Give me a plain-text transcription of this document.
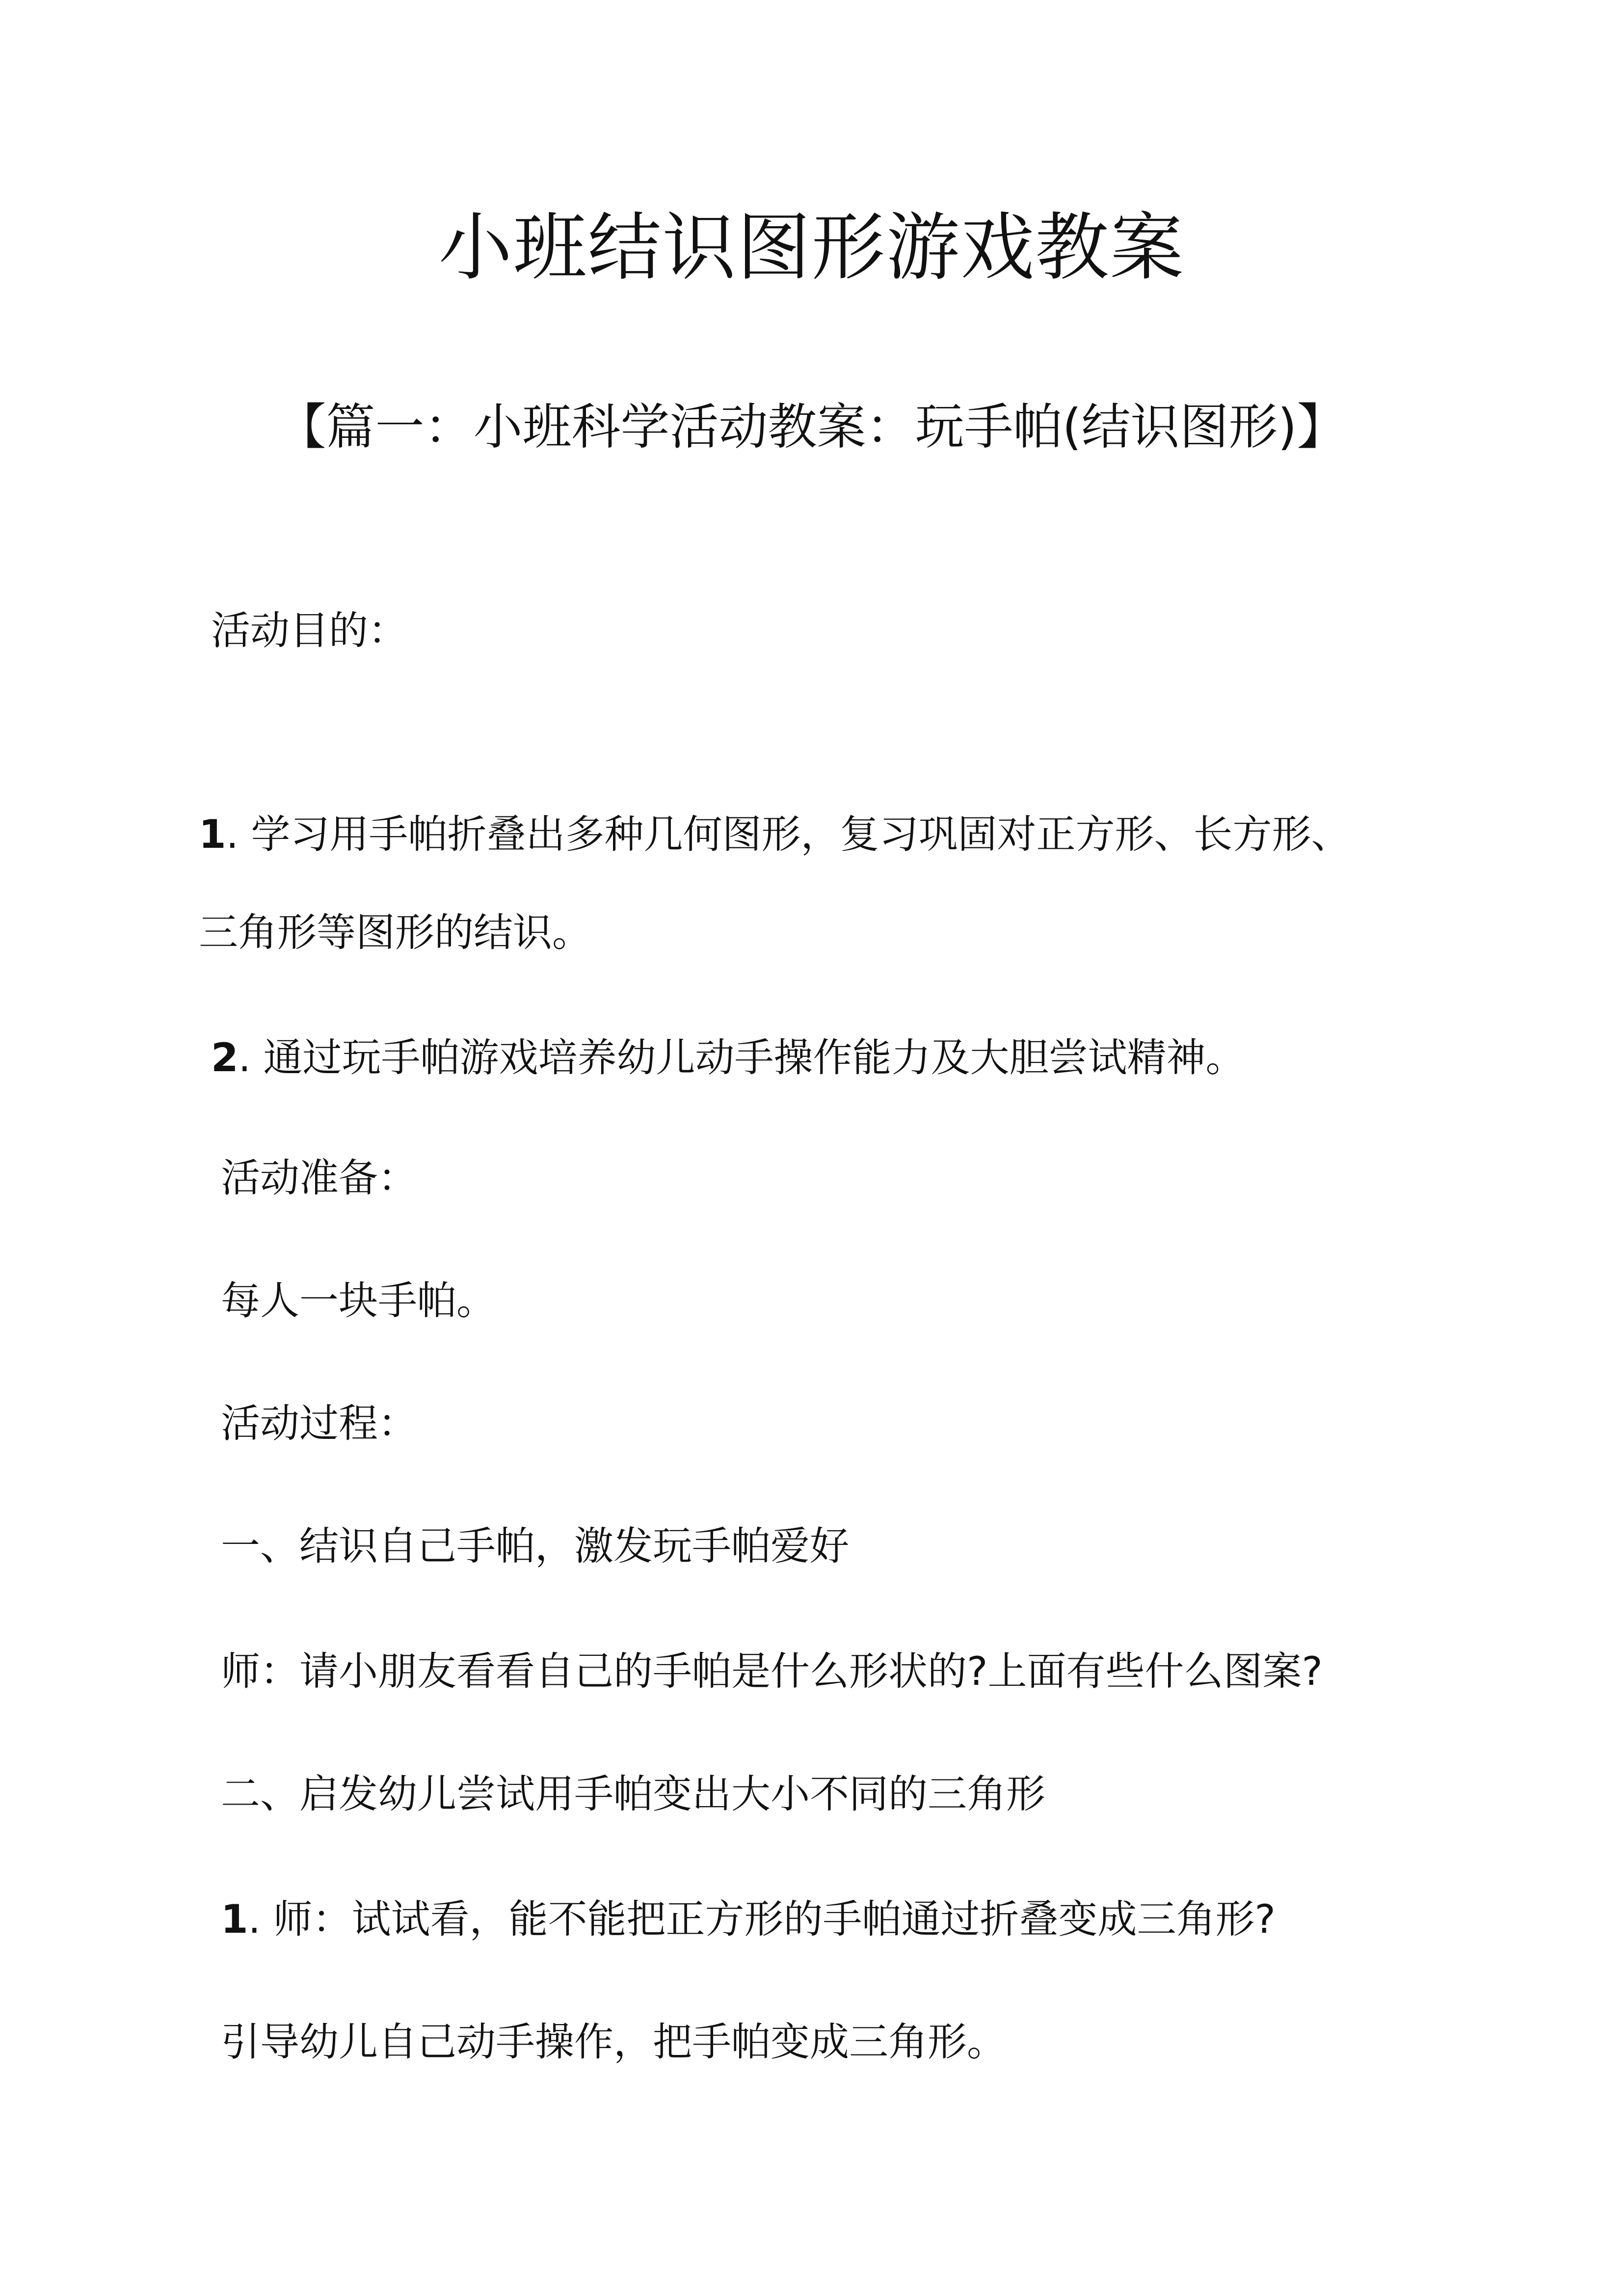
小班结识图形游戏教案
【篇一：小班科学活动教案：玩手帕(结识图形)】
活动目的：
1. 学习用手帕折叠出多种几何图形，复习巩固对正方形、长方形、
三角形等图形的结识。
2. 通过玩手帕游戏培养幼儿动手操作能力及大胆尝试精神。
活动准备：
每人一块手帕。
活动过程：
一、结识自己手帕，激发玩手帕爱好
师：请小朋友看看自己的手帕是什么形状的?上面有些什么图案?
二、启发幼儿尝试用手帕变出大小不同的三角形
1. 师：试试看，能不能把正方形的手帕通过折叠变成三角形?
引导幼儿自己动手操作，把手帕变成三角形。
